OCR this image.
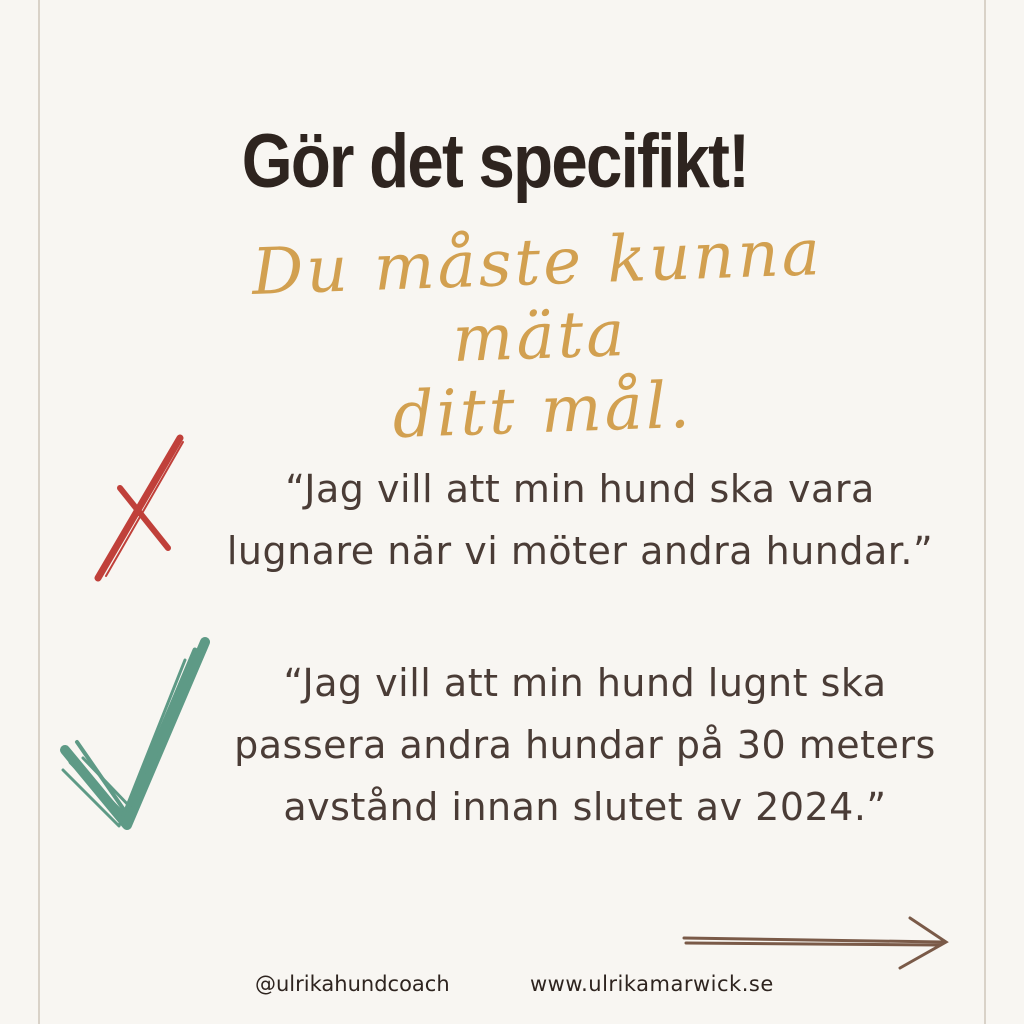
Gör det specifikt!
Du måste kunna mäta
ditt mål.
“Jag vill att min hund ska vara
lugnare när vi möter andra hundar.”
“Jag vill att min hund lugnt ska
passera andra hundar på 30 meters
avstånd innan slutet av 2024.”
@ulrikahundcoach	www.ulrikamarwick.se
